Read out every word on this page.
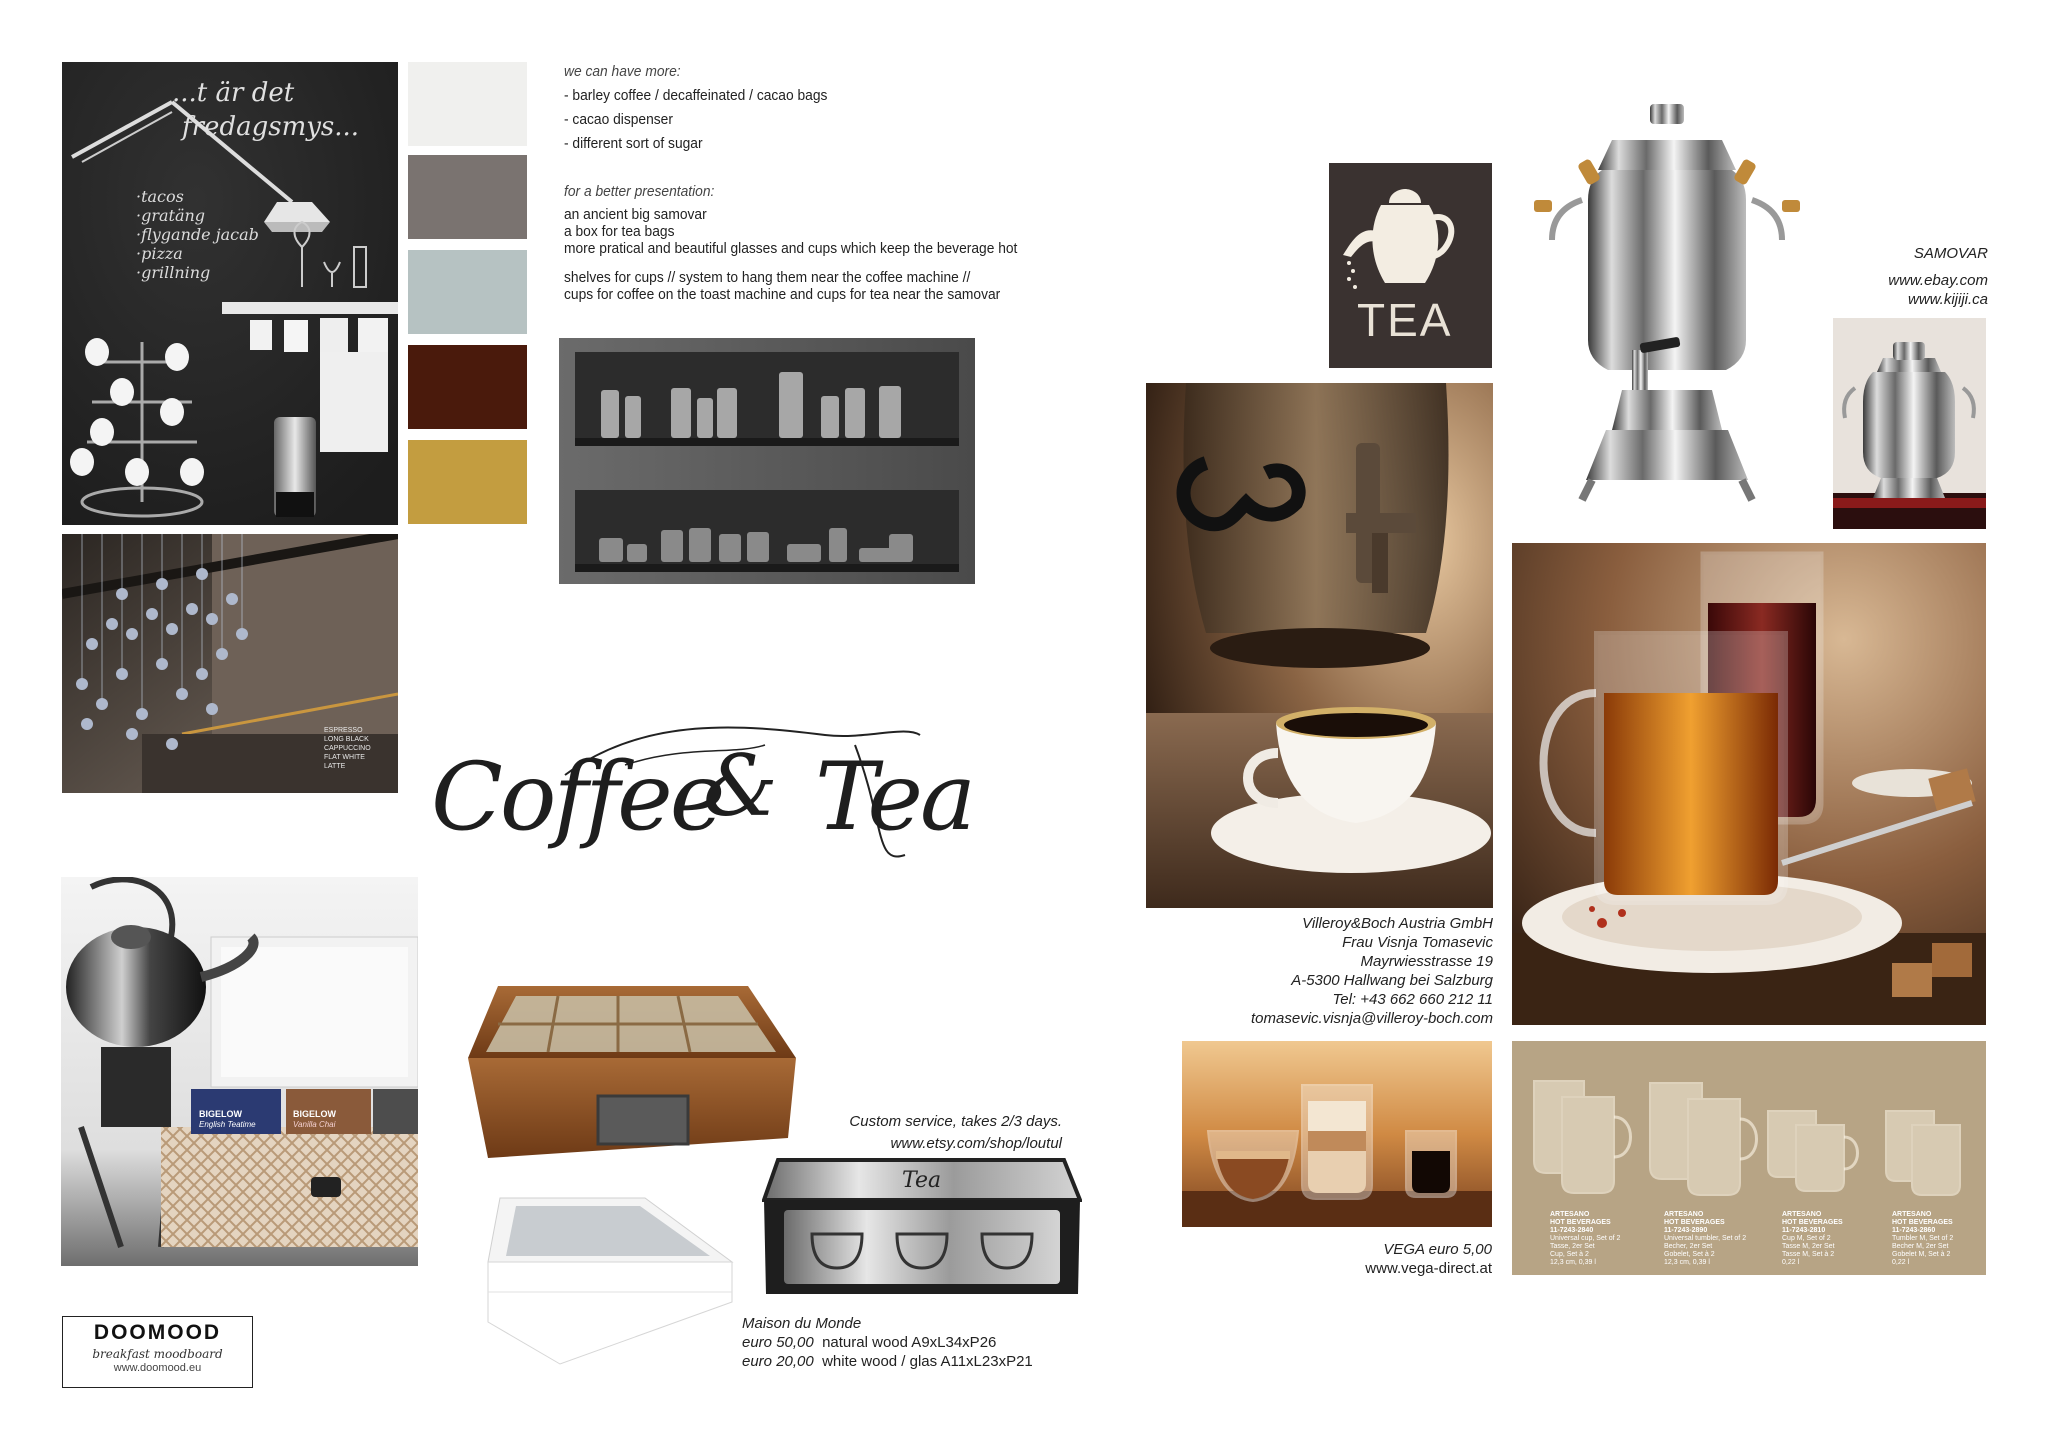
...t är det
fredagsmys...
·tacos
·gratäng
·flygande jacab
·pizza
·grillning
we can have more:
- barley coffee / decaffeinated / cacao bags
- cacao dispenser
- different sort of sugar
for a better presentation:
an ancient big samovar
a box for tea bags
more pratical and beautiful glasses and cups which keep the beverage hot
shelves for cups // system to hang them near the coffee machine //
cups for coffee on the toast machine and cups for tea near the samovar
ESPRESSO
LONG BLACK
CAPPUCCINO
FLAT WHITE
LATTE Coffee
& Tea
BIGELOW
English Teatime
BIGELOW
Vanilla Chai	Custom service, takes 2/3 days.
www.etsy.com/shop/loutul
Tea
Maison du Monde
euro 50,00 natural wood A9xL34xP26
euro 20,00 white wood / glas A11xL23xP21
DOOMOOD
breakfast moodboard
www.doomood.eu
TEA
SAMOVAR
www.ebay.com
www.kijiji.ca
Villeroy&Boch Austria GmbH
Frau Visnja Tomasevic
Mayrwiesstrasse 19
A-5300 Hallwang bei Salzburg
Tel: +43 662 660 212 11
tomasevic.visnja@villeroy-boch.com
VEGA euro 5,00
www.vega-direct.at
ARTESANO
HOT BEVERAGES
11-7243-2840
Universal cup, Set of 2
Tasse, 2er Set
Cup, Set à 2
12,3 cm, 0,39 l
ARTESANO
HOT BEVERAGES
11-7243-2890
Universal tumbler, Set of 2
Becher, 2er Set
Gobelet, Set à 2
12,3 cm, 0,39 l
ARTESANO
HOT BEVERAGES
11-7243-2810
Cup M, Set of 2
Tasse M, 2er Set
Tasse M, Set à 2
0,22 l
ARTESANO
HOT BEVERAGES
11-7243-2860
Tumbler M, Set of 2
Becher M, 2er Set
Gobelet M, Set à 2
0,22 l
